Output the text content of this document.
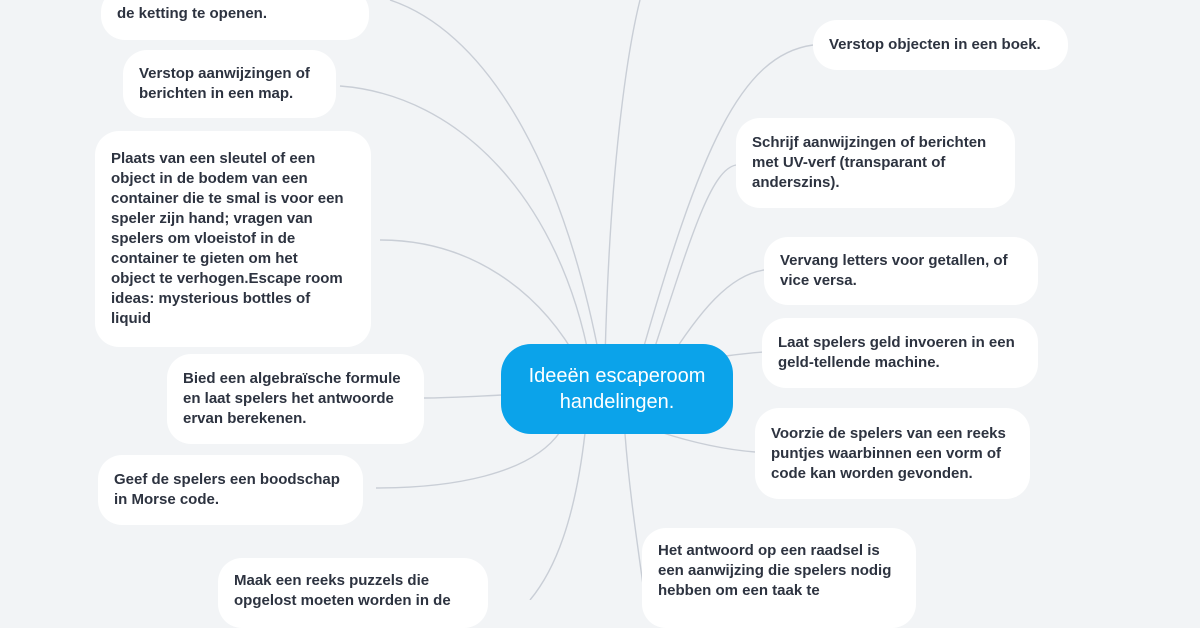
Ideeën escaperoom
handelingen.
de ketting te openen.
Verstop aanwijzingen of
berichten in een map.
Plaats van een sleutel of een
object in de bodem van een
container die te smal is voor een
speler zijn hand; vragen van
spelers om vloeistof in de
container te gieten om het
object te verhogen.Escape room
ideas: mysterious bottles of
liquid
Bied een algebraïsche formule
en laat spelers het antwoorde
ervan berekenen.
Geef de spelers een boodschap
in Morse code.
Maak een reeks puzzels die
opgelost moeten worden in de
Verstop objecten in een boek.
Schrijf aanwijzingen of berichten
met UV-verf (transparant of
anderszins).
Vervang letters voor getallen, of
vice versa.
Laat spelers geld invoeren in een
geld-tellende machine.
Voorzie de spelers van een reeks
puntjes waarbinnen een vorm of
code kan worden gevonden.
Het antwoord op een raadsel is
een aanwijzing die spelers nodig
hebben om een taak te
